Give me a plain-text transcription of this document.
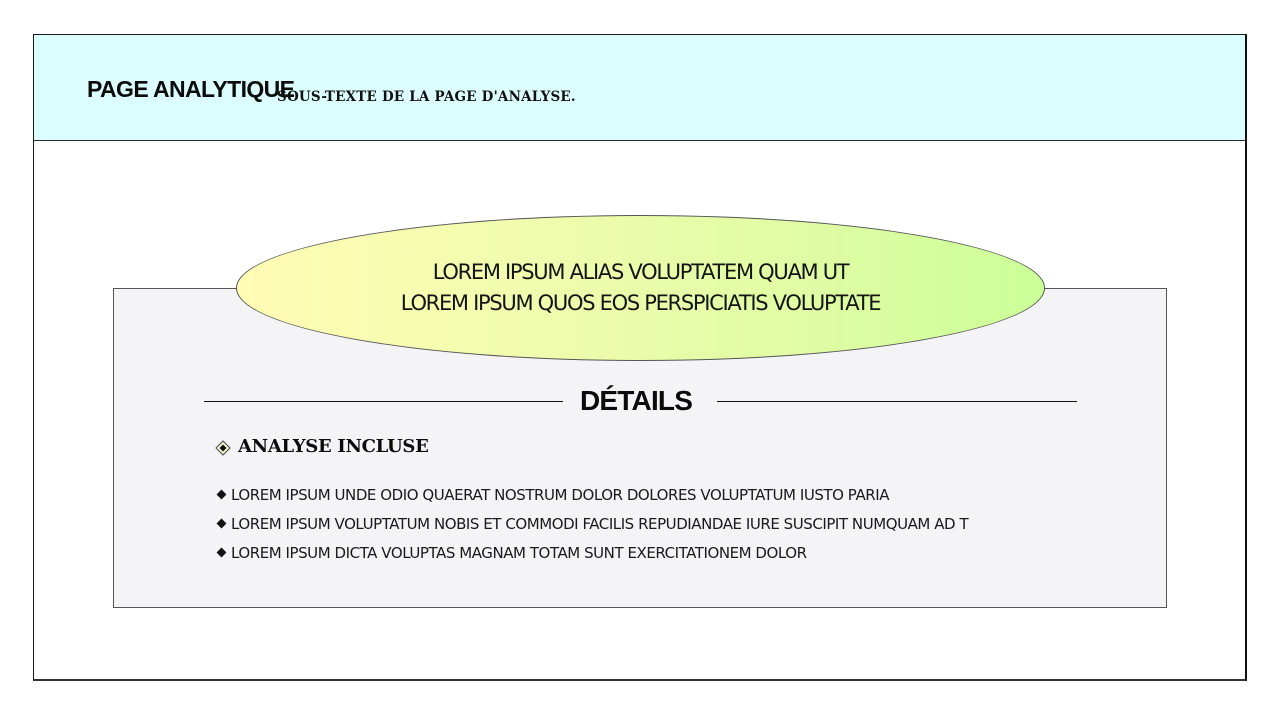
PAGE ANALYTIQUE
SOUS-TEXTE DE LA PAGE D'ANALYSE.
LOREM IPSUM ALIAS VOLUPTATEM QUAM UT
LOREM IPSUM QUOS EOS PERSPICIATIS VOLUPTATE
DÉTAILS
ANALYSE INCLUSE
LOREM IPSUM UNDE ODIO QUAERAT NOSTRUM DOLOR DOLORES VOLUPTATUM IUSTO PARIA
LOREM IPSUM VOLUPTATUM NOBIS ET COMMODI FACILIS REPUDIANDAE IURE SUSCIPIT NUMQUAM AD T
LOREM IPSUM DICTA VOLUPTAS MAGNAM TOTAM SUNT EXERCITATIONEM DOLOR
